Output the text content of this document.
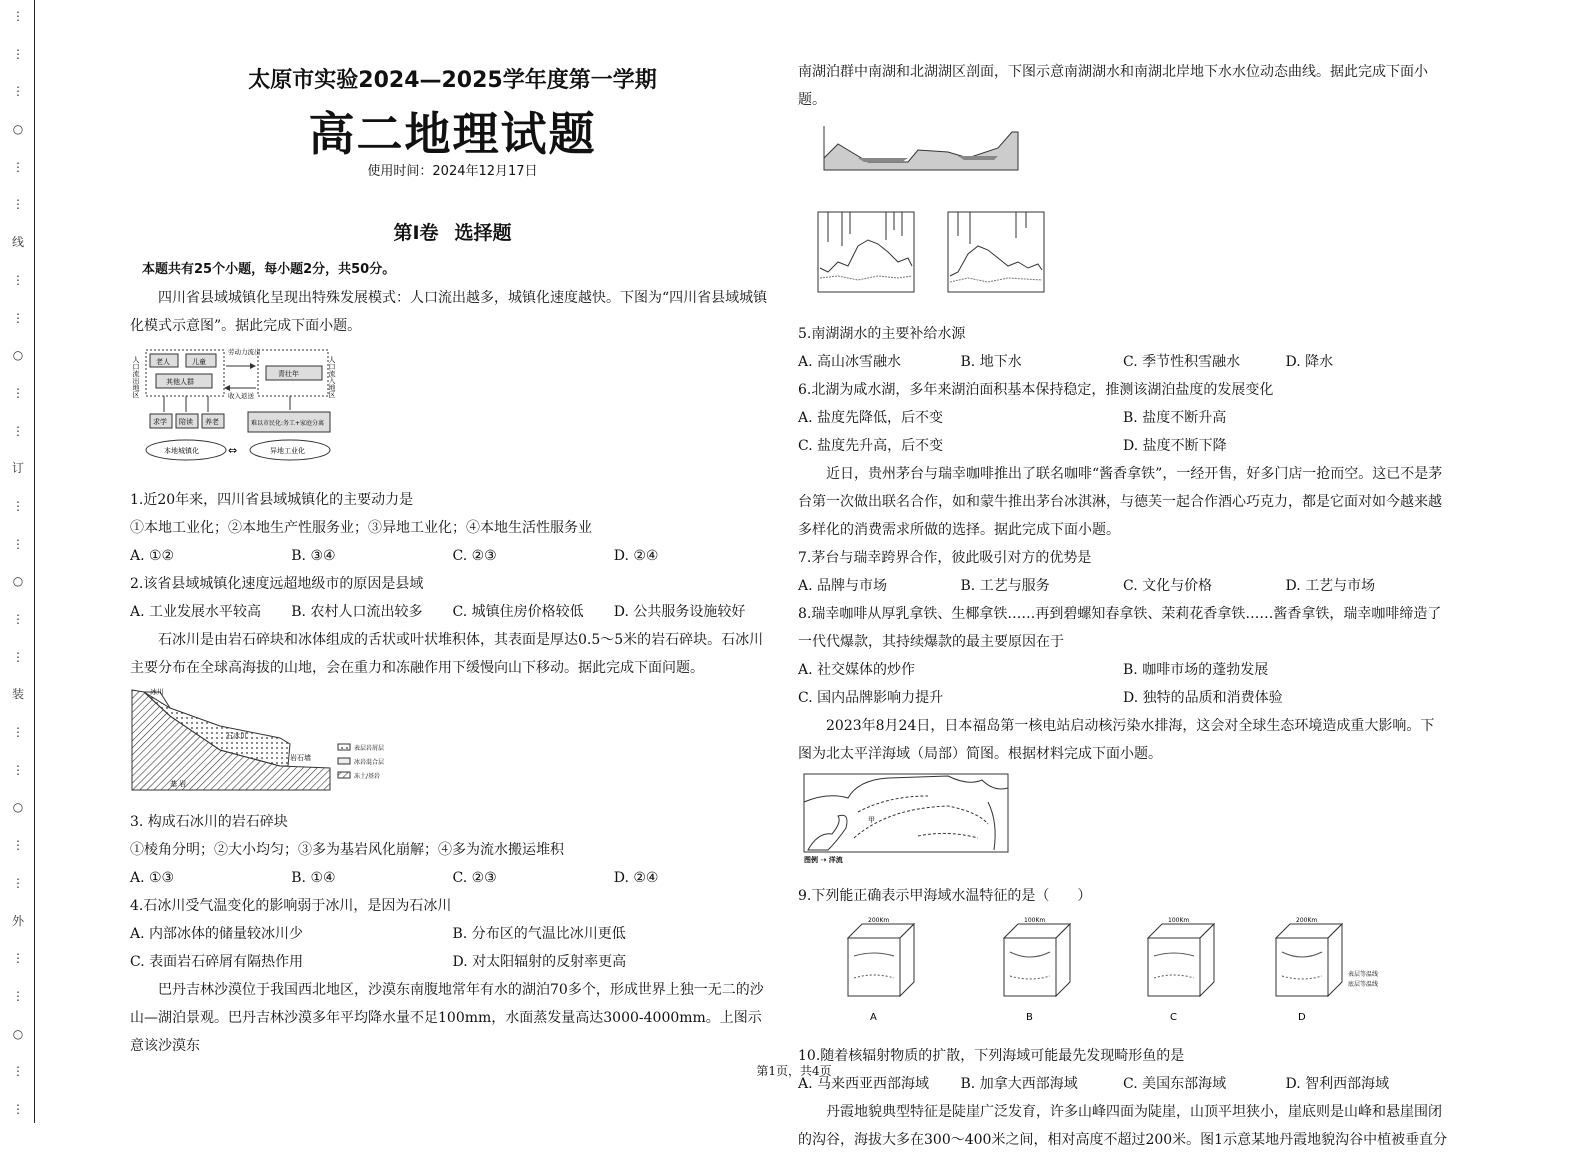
⋮
⋮
⋮
○
⋮
⋮
线
⋮
⋮
○
⋮
⋮
订
⋮
⋮
○
⋮
⋮
装
⋮
⋮
○
⋮
⋮
外
⋮
⋮
○
⋮
⋮
太原市实验2024—2025学年度第一学期
高二地理试题
使用时间：2024年12月17日
第Ⅰ卷 选择题

本题共有25个小题，每小题2分，共50分。

四川省县域城镇化呈现出特殊发展模式：人口流出越多，城镇化速度越快。下图为“四川省县域城镇化模式示意图”。据此完成下面小题。

人口流出地区	人口流入地区
老人	儿童
其他人群
劳动力流出
收入返送
青壮年
求学 陪读 养老	难以市民化:务工+家庭分离
本地城镇化	⇔	异地工业化

1.近20年来，四川省县域城镇化的主要动力是

①本地工业化；②本地生产性服务业；③异地工业化；④本地生活性服务业

A. ①②	B. ③④	C. ②③	D. ②④

2.该省县域城镇化速度远超地级市的原因是县域

A. 工业发展水平较高	B. 农村人口流出较多	C. 城镇住房价格较低	D. 公共服务设施较好

石冰川是由岩石碎块和冰体组成的舌状或叶状堆积体，其表面是厚达0.5～5米的岩石碎块。石冰川主要分布在全球高海拔的山地，会在重力和冻融作用下缓慢向山下移动。据此完成下面问题。

冰川
石冰川
岩石墙
基 岩
表层岩屑层
冰岩混合层
冻土/基岩

3. 构成石冰川的岩石碎块

①棱角分明；②大小均匀；③多为基岩风化崩解；④多为流水搬运堆积

A. ①③	B. ①④	C. ②③	D. ②④

4.石冰川受气温变化的影响弱于冰川，是因为石冰川

A. 内部冰体的储量较冰川少	B. 分布区的气温比冰川更低
C. 表面岩石碎屑有隔热作用	D. 对太阳辐射的反射率更高

巴丹吉林沙漠位于我国西北地区，沙漠东南腹地常年有水的湖泊70多个，形成世界上独一无二的沙山—湖泊景观。巴丹吉林沙漠多年平均降水量不足100mm，水面蒸发量高达3000-4000mm。上图示意该沙漠东

南湖泊群中南湖和北湖湖区剖面，下图示意南湖湖水和南湖北岸地下水水位动态曲线。据此完成下面小题。

5.南湖湖水的主要补给水源

A. 高山冰雪融水	B. 地下水	C. 季节性积雪融水	D. 降水

6.北湖为咸水湖，多年来湖泊面积基本保持稳定，推测该湖泊盐度的发展变化

A. 盐度先降低，后不变	B. 盐度不断升高
C. 盐度先升高，后不变	D. 盐度不断下降

近日，贵州茅台与瑞幸咖啡推出了联名咖啡“酱香拿铁”，一经开售，好多门店一抢而空。这已不是茅台第一次做出联名合作，如和蒙牛推出茅台冰淇淋，与德芙一起合作酒心巧克力，都是它面对如今越来越多样化的消费需求所做的选择。据此完成下面小题。

7.茅台与瑞幸跨界合作，彼此吸引对方的优势是

A. 品牌与市场	B. 工艺与服务	C. 文化与价格	D. 工艺与市场

8.瑞幸咖啡从厚乳拿铁、生椰拿铁……再到碧螺知春拿铁、茉莉花香拿铁……酱香拿铁，瑞幸咖啡缔造了一代代爆款，其持续爆款的最主要原因在于

A. 社交媒体的炒作	B. 咖啡市场的蓬勃发展
C. 国内品牌影响力提升	D. 独特的品质和消费体验

2023年8月24日，日本福岛第一核电站启动核污染水排海，这会对全球生态环境造成重大影响。下图为北太平洋海域（局部）简图。根据材料完成下面小题。

甲
图例 ⇢ 洋流

9.下列能正确表示甲海域水温特征的是（　　）

200Km
A
100Km
B
100Km
C
200Km
D
表层等温线
底层等温线

10.随着核辐射物质的扩散，下列海域可能最先发现畸形鱼的是

A. 马来西亚西部海域	B. 加拿大西部海域	C. 美国东部海域	D. 智利西部海域

丹霞地貌典型特征是陡崖广泛发育，许多山峰四面为陡崖，山顶平坦狭小，崖底则是山峰和悬崖围闭的沟谷，海拔大多在300～400米之间，相对高度不超过200米。图1示意某地丹霞地貌沟谷中植被垂直分

第1页，共4页
